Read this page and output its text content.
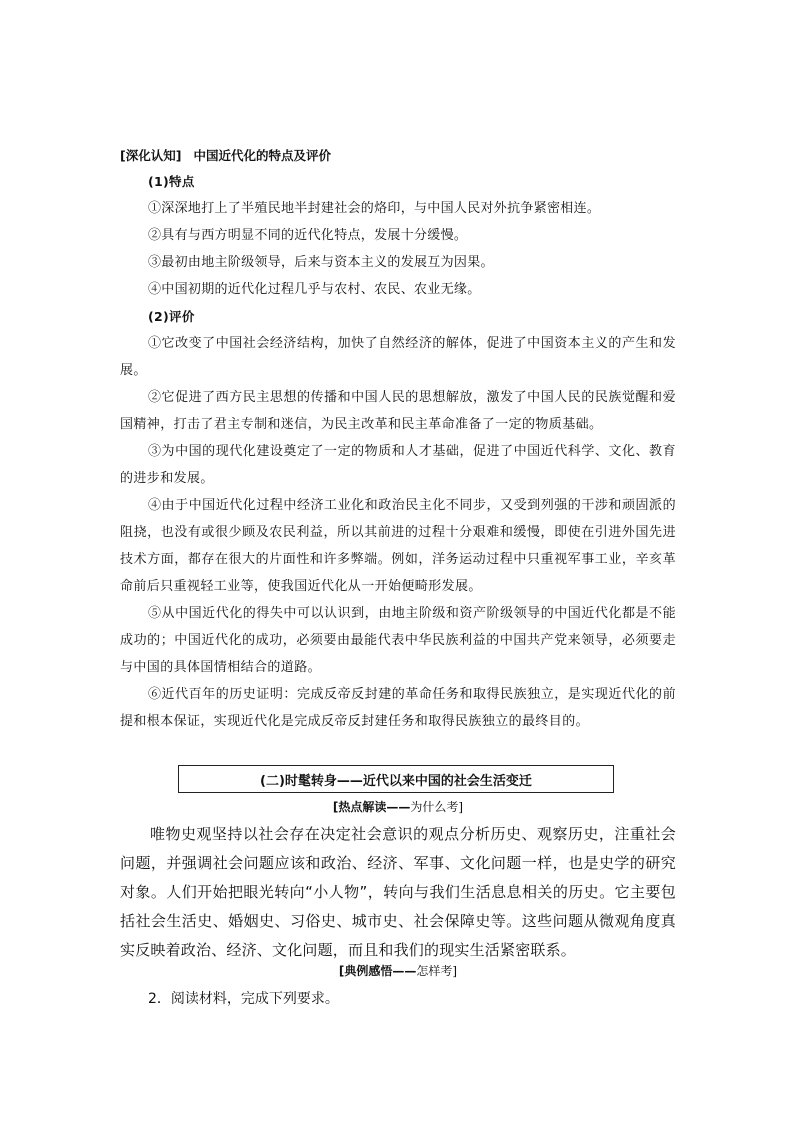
[深化认知] 中国近代化的特点及评价
(1)特点
①深深地打上了半殖民地半封建社会的烙印，与中国人民对外抗争紧密相连。
②具有与西方明显不同的近代化特点，发展十分缓慢。
③最初由地主阶级领导，后来与资本主义的发展互为因果。
④中国初期的近代化过程几乎与农村、农民、农业无缘。
(2)评价
①它改变了中国社会经济结构，加快了自然经济的解体，促进了中国资本主义的产生和发展。
②它促进了西方民主思想的传播和中国人民的思想解放，激发了中国人民的民族觉醒和爱国精神，打击了君主专制和迷信，为民主改革和民主革命准备了一定的物质基础。
③为中国的现代化建设奠定了一定的物质和人才基础，促进了中国近代科学、文化、教育的进步和发展。
④由于中国近代化过程中经济工业化和政治民主化不同步，又受到列强的干涉和顽固派的阻挠，也没有或很少顾及农民利益，所以其前进的过程十分艰难和缓慢，即使在引进外国先进技术方面，都存在很大的片面性和许多弊端。例如，洋务运动过程中只重视军事工业，辛亥革命前后只重视轻工业等，使我国近代化从一开始便畸形发展。
⑤从中国近代化的得失中可以认识到，由地主阶级和资产阶级领导的中国近代化都是不能成功的；中国近代化的成功，必须要由最能代表中华民族利益的中国共产党来领导，必须要走与中国的具体国情相结合的道路。
⑥近代百年的历史证明：完成反帝反封建的革命任务和取得民族独立，是实现近代化的前提和根本保证，实现近代化是完成反帝反封建任务和取得民族独立的最终目的。
(二)时髦转身——近代以来中国的社会生活变迁
[热点解读——为什么考]
唯物史观坚持以社会存在决定社会意识的观点分析历史、观察历史，注重社会问题，并强调社会问题应该和政治、经济、军事、文化问题一样，也是史学的研究对象。人们开始把眼光转向“小人物”，转向与我们生活息息相关的历史。它主要包括社会生活史、婚姻史、习俗史、城市史、社会保障史等。这些问题从微观角度真实反映着政治、经济、文化问题，而且和我们的现实生活紧密联系。
[典例感悟——怎样考]
2．阅读材料，完成下列要求。
